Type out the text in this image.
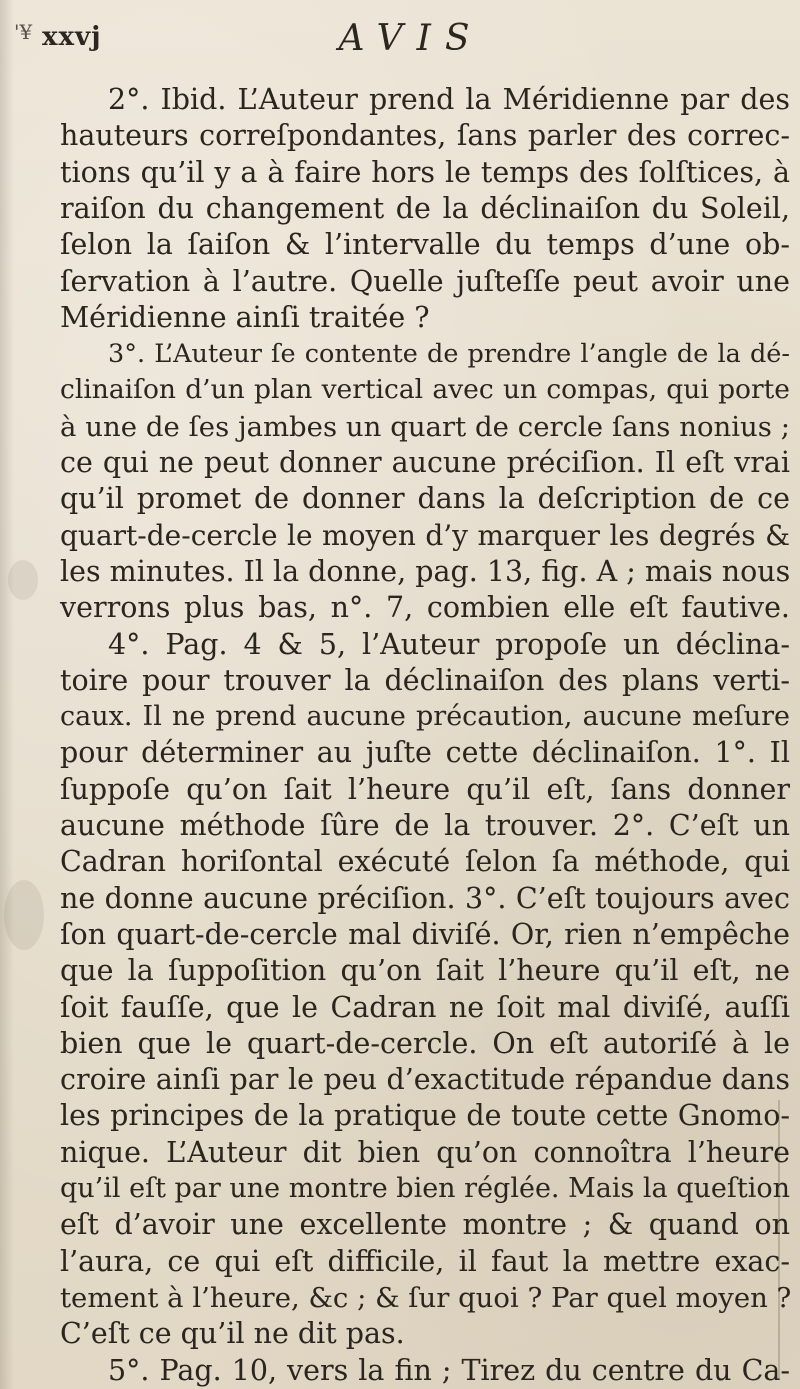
'¥ xxvj	AVIS
2°. Ibid. L’Auteur prend la Méridienne par des
hauteurs correſpondantes, ſans parler des correc-
tions qu’il y a à faire hors le temps des ſolſtices, à
raiſon du changement de la déclinaiſon du Soleil,
ſelon la ſaiſon & l’intervalle du temps d’une ob-
ſervation à l’autre. Quelle juſteſſe peut avoir une
Méridienne ainſi traitée ?
3°. L’Auteur ſe contente de prendre l’angle de la dé-
clinaiſon d’un plan vertical avec un compas, qui porte
à une de ſes jambes un quart de cercle ſans nonius ;
ce qui ne peut donner aucune préciſion. Il eſt vrai
qu’il promet de donner dans la deſcription de ce
quart-de-cercle le moyen d’y marquer les degrés &
les minutes. Il la donne, pag. 13, fig. A ; mais nous
verrons plus bas, n°. 7, combien elle eſt fautive.
4°. Pag. 4 & 5, l’Auteur propoſe un déclina-
toire pour trouver la déclinaiſon des plans verti-
caux. Il ne prend aucune précaution, aucune meſure
pour déterminer au juſte cette déclinaiſon. 1°. Il
ſuppoſe qu’on ſait l’heure qu’il eſt, ſans donner
aucune méthode ſûre de la trouver. 2°. C’eſt un
Cadran horiſontal exécuté ſelon ſa méthode, qui
ne donne aucune préciſion. 3°. C’eſt toujours avec
ſon quart-de-cercle mal diviſé. Or, rien n’empêche
que la ſuppoſition qu’on ſait l’heure qu’il eſt, ne
ſoit fauſſe, que le Cadran ne ſoit mal diviſé, auſſi
bien que le quart-de-cercle. On eſt autoriſé à le
croire ainſi par le peu d’exactitude répandue dans
les principes de la pratique de toute cette Gnomo-
nique. L’Auteur dit bien qu’on connoîtra l’heure
qu’il eſt par une montre bien réglée. Mais la queſtion
eſt d’avoir une excellente montre ; & quand on
l’aura, ce qui eſt difficile, il faut la mettre exac-
tement à l’heure, &c ; & ſur quoi ? Par quel moyen ?
C’eſt ce qu’il ne dit pas.
5°. Pag. 10, vers la fin ; Tirez du centre du Ca-
